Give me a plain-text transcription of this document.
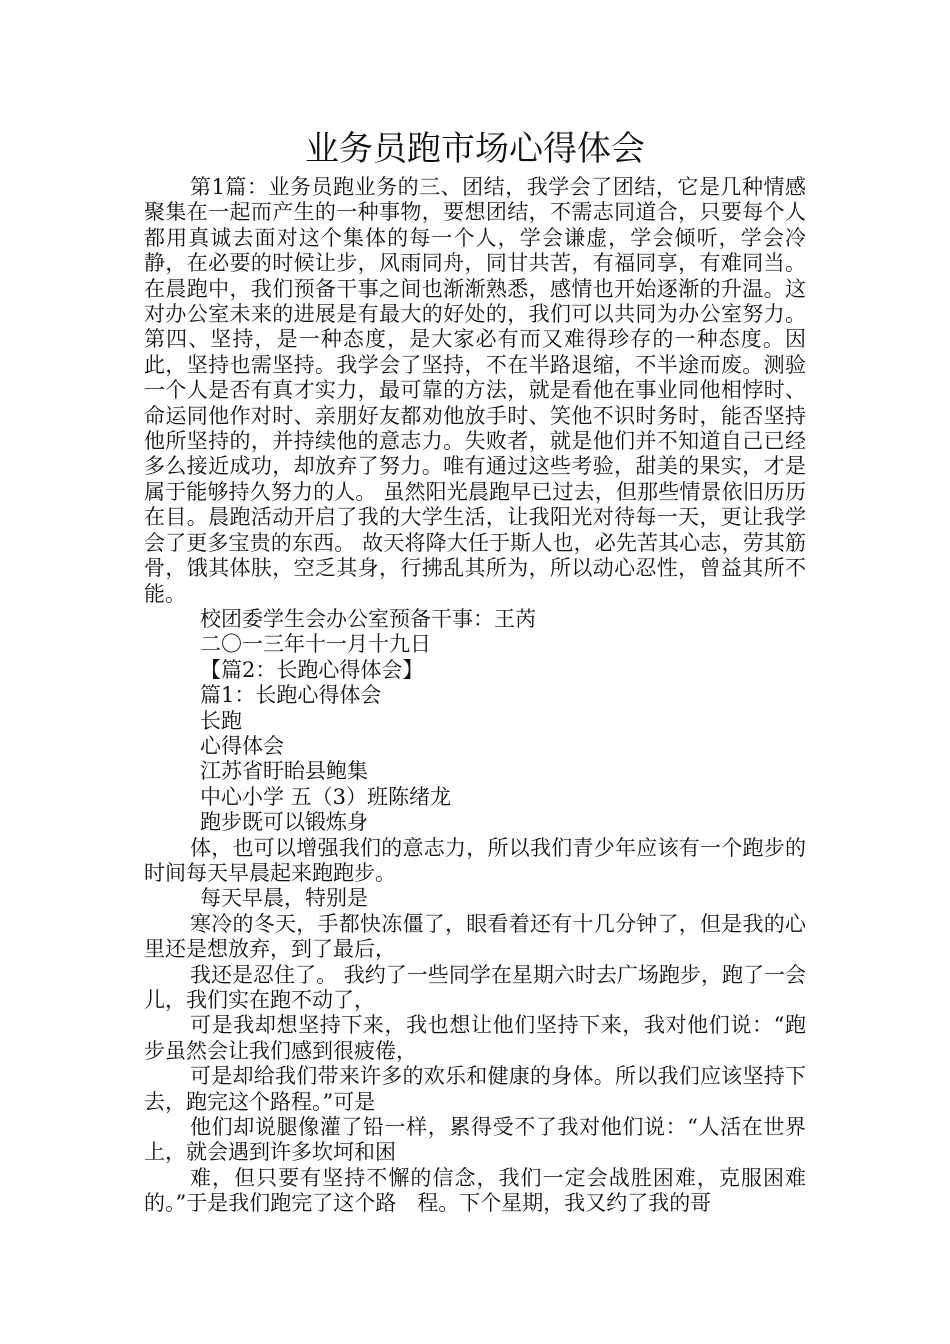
业务员跑市场心得体会

第1篇：业务员跑业务的三、团结，我学会了团结，它是几种情感聚集在一起而产生的一种事物，要想团结，不需志同道合，只要每个人都用真诚去面对这个集体的每一个人，学会谦虚，学会倾听，学会冷静，在必要的时候让步，风雨同舟，同甘共苦，有福同享，有难同当。在晨跑中，我们预备干事之间也渐渐熟悉，感情也开始逐渐的升温。这对办公室未来的进展是有最大的好处的，我们可以共同为办公室努力。 第四、坚持，是一种态度，是大家必有而又难得珍存的一种态度。因此，坚持也需坚持。我学会了坚持，不在半路退缩，不半途而废。测验一个人是否有真才实力，最可靠的方法，就是看他在事业同他相悖时、命运同他作对时、亲朋好友都劝他放手时、笑他不识时务时，能否坚持他所坚持的，并持续他的意志力。失败者，就是他们并不知道自己已经多么接近成功，却放弃了努力。唯有通过这些考验，甜美的果实，才是属于能够持久努力的人。 虽然阳光晨跑早已过去，但那些情景依旧历历在目。晨跑活动开启了我的大学生活，让我阳光对待每一天，更让我学会了更多宝贵的东西。 故天将降大任于斯人也，必先苦其心志，劳其筋骨，饿其体肤，空乏其身，行拂乱其所为，所以动心忍性，曾益其所不能。

校团委学生会办公室预备干事：王芮

二〇一三年十一月十九日

【篇2：长跑心得体会】

篇1：长跑心得体会

长跑

心得体会

江苏省盱眙县鲍集

中心小学 五（3）班陈绪龙

跑步既可以锻炼身

体，也可以增强我们的意志力，所以我们青少年应该有一个跑步的时间每天早晨起来跑跑步。

每天早晨，特别是

寒冷的冬天，手都快冻僵了，眼看着还有十几分钟了，但是我的心里还是想放弃，到了最后，

我还是忍住了。 我约了一些同学在星期六时去广场跑步，跑了一会儿，我们实在跑不动了，

可是我却想坚持下来，我也想让他们坚持下来，我对他们说：“跑步虽然会让我们感到很疲倦，

可是却给我们带来许多的欢乐和健康的身体。所以我们应该坚持下去，跑完这个路程。”可是

他们却说腿像灌了铅一样，累得受不了我对他们说：“人活在世界上，就会遇到许多坎坷和困

难，但只要有坚持不懈的信念，我们一定会战胜困难，克服困难的。”于是我们跑完了这个路　程。下个星期，我又约了我的哥
